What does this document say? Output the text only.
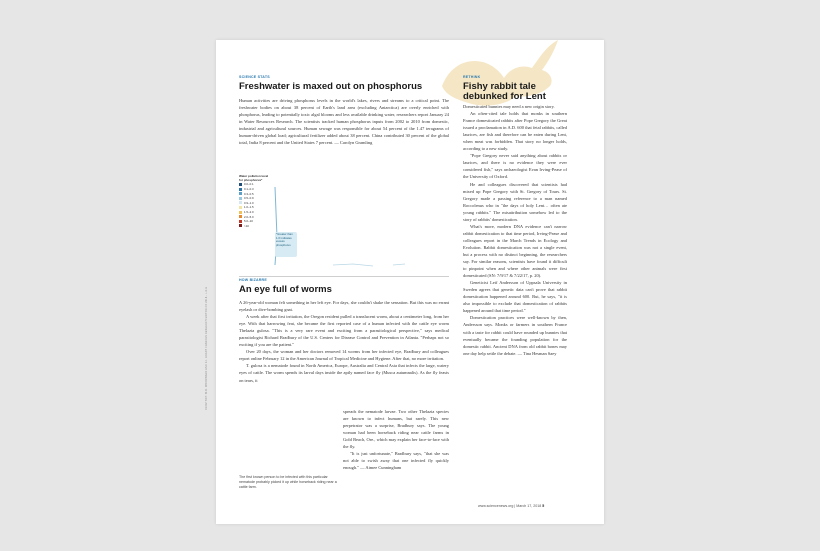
SCIENCE STATS
Freshwater is maxed out on phosphorus

Human activities are driving phosphorus levels in the world's lakes, rivers and streams to a critical point. The freshwater bodies on about 38 percent of Earth's land area (excluding Antarctica) are overly enriched with phosphorus, leading to potentially toxic algal blooms and less available drinking water, researchers report January 24 in Water Resources Research. The scientists tracked human phosphorus inputs from 2002 to 2010 from domestic, industrial and agricultural sources. Human sewage was responsible for about 54 percent of the 1.47 teragrams of human-driven global load; agricultural fertilizer added about 38 percent. China contributed 30 percent of the global total, India 8 percent and the United States 7 percent. — Carolyn Gramling

Water pollution level for phosphorus*
0.0–0.1
0.1–0.3
0.3–0.5
0.5–0.9
0.9–1.0
1.0–1.5
1.5–2.0
2.0–5.0
5.0–10
>10
*Greater than 1.0 indicates excess phosphorus
HOW BIZARRE
An eye full of worms

A 26-year-old woman felt something in her left eye. For days, she couldn't shake the sensation. But this was no errant eyelash or dive-bombing gnat.

A week after that first irritation, the Oregon resident pulled a translucent worm, about a centimeter long, from her eye. With that harrowing feat, she became the first reported case of a human infected with the cattle eye worm Thelazia gulosa. "This is a very rare event and exciting from a parasitological perspective," says medical parasitologist Richard Bradbury of the U.S. Centers for Disease Control and Prevention in Atlanta. "Perhaps not so exciting if you are the patient."

Over 20 days, the woman and her doctors removed 14 worms from her infected eye, Bradbury and colleagues report online February 12 in the American Journal of Tropical Medicine and Hygiene. After that, no more irritation.

T. gulosa is a nematode found in North America, Europe, Australia and Central Asia that infects the large, watery eyes of cattle. The worm spends its larval days inside the aptly named face fly (Musca autumnalis). As the fly feasts on tears, it

spreads the nematode larvae. Two other Thelazia species are known to infect humans, but rarely. This new perpetrator was a surprise, Bradbury says. The young woman had been horseback riding near cattle farms in Gold Beach, Ore., which may explain her face-to-face with the fly.

"It is just unfortunate," Bradbury says, "that she was not able to swish away that one infected fly quickly enough." — Aimee Cunningham

The first known person to be infected with this particular nematode probably picked it up while horseback riding near a cattle farm.
FROM TOP: W.M. WOODWARD AND K.I. GRANT FRANCES RESEARCH EDITOR OF 2018 - L.D.G
RETHINK
Fishy rabbit tale debunked for Lent

Domesticated bunnies may need a new origin story.

An often-cited tale holds that monks in southern France domesticated rabbits after Pope Gregory the Great issued a proclamation in A.D. 600 that fetal rabbits, called laurices, are fish and therefore can be eaten during Lent, when meat was forbidden. That story no longer holds, according to a new study.

"Pope Gregory never said anything about rabbits or laurices, and there is no evidence they were ever considered fish," says archaeologist Evan Irving-Pease of the University of Oxford.

He and colleagues discovered that scientists had mixed up Pope Gregory with St. Gregory of Tours. St. Gregory made a passing reference to a man named Roccolenus who in "the days of holy Lent… often ate young rabbits." The misattribution somehow led to the story of rabbits' domestication.

What's more, modern DNA evidence can't narrow rabbit domestication to that time period, Irving-Pease and colleagues report in the March Trends in Ecology and Evolution. Rabbit domestication was not a single event, but a process with no distinct beginning, the researchers say. For similar reasons, scientists have found it difficult to pinpoint when and where other animals were first domesticated (SN: 7/9/17 & 7/22/17, p. 20).

Geneticist Leif Andersson of Uppsala University in Sweden agrees that genetic data can't prove that rabbit domestication happened around 600. But, he says, "it is also impossible to exclude that domestication of rabbits happened around that time period."

Domestication practices were well-known by then, Andersson says. Monks or farmers in southern France with a taste for rabbit could have rounded up bunnies that eventually became the founding population for the domestic rabbit. Ancient DNA from old rabbit bones may one day help settle the debate. — Tina Hesman Saey

www.sciencenews.org | March 17, 2018 5
